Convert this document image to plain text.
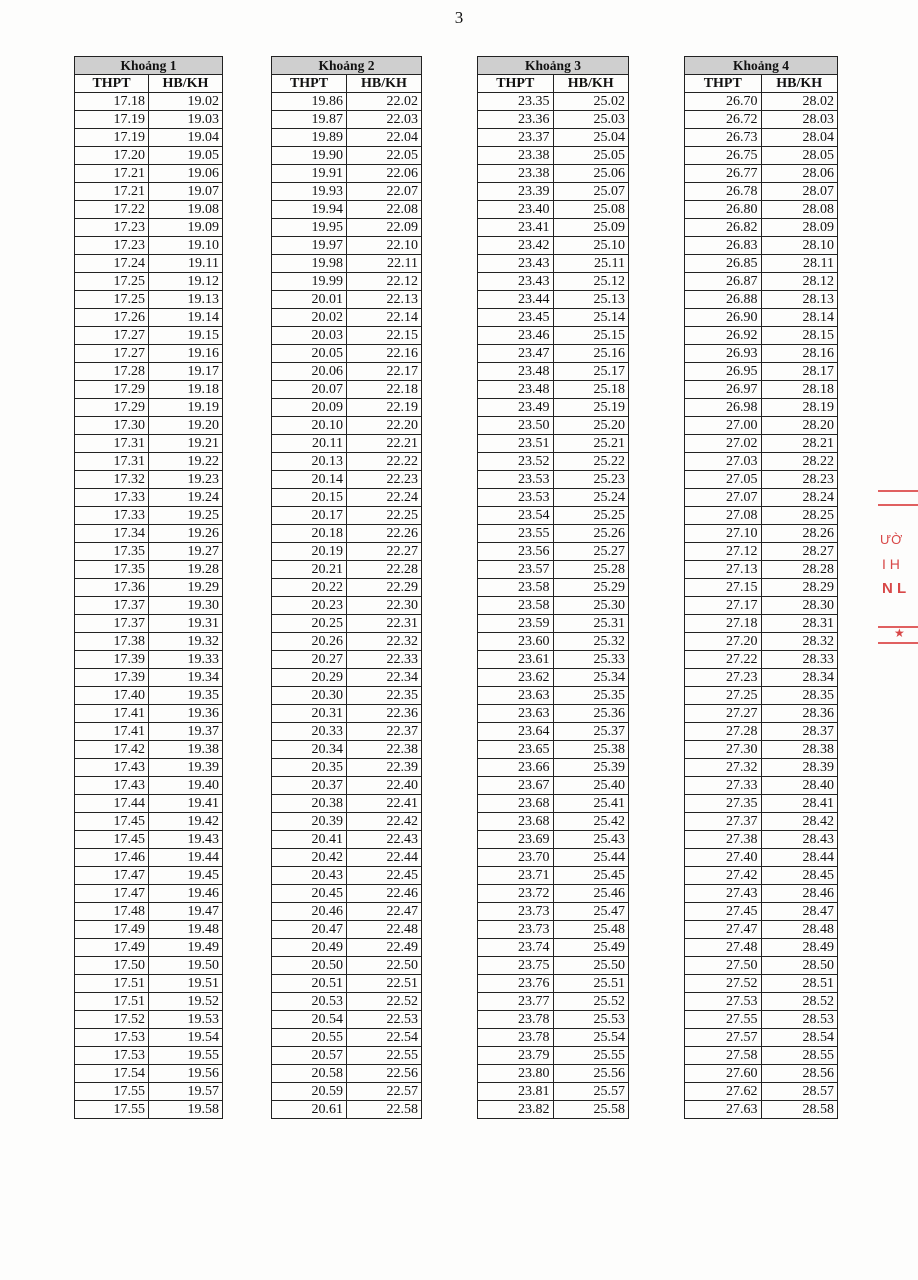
3
Khoảng 1	
THPT	HB/KH
17.18	19.02
17.19	19.03
17.19	19.04
17.20	19.05
17.21	19.06
17.21	19.07
17.22	19.08
17.23	19.09
17.23	19.10
17.24	19.11
17.25	19.12
17.25	19.13
17.26	19.14
17.27	19.15
17.27	19.16
17.28	19.17
17.29	19.18
17.29	19.19
17.30	19.20
17.31	19.21
17.31	19.22
17.32	19.23
17.33	19.24
17.33	19.25
17.34	19.26
17.35	19.27
17.35	19.28
17.36	19.29
17.37	19.30
17.37	19.31
17.38	19.32
17.39	19.33
17.39	19.34
17.40	19.35
17.41	19.36
17.41	19.37
17.42	19.38
17.43	19.39
17.43	19.40
17.44	19.41
17.45	19.42
17.45	19.43
17.46	19.44
17.47	19.45
17.47	19.46
17.48	19.47
17.49	19.48
17.49	19.49
17.50	19.50
17.51	19.51
17.51	19.52
17.52	19.53
17.53	19.54
17.53	19.55
17.54	19.56
17.55	19.57
17.55	19.58
Khoảng 2	
THPT	HB/KH
19.86	22.02
19.87	22.03
19.89	22.04
19.90	22.05
19.91	22.06
19.93	22.07
19.94	22.08
19.95	22.09
19.97	22.10
19.98	22.11
19.99	22.12
20.01	22.13
20.02	22.14
20.03	22.15
20.05	22.16
20.06	22.17
20.07	22.18
20.09	22.19
20.10	22.20
20.11	22.21
20.13	22.22
20.14	22.23
20.15	22.24
20.17	22.25
20.18	22.26
20.19	22.27
20.21	22.28
20.22	22.29
20.23	22.30
20.25	22.31
20.26	22.32
20.27	22.33
20.29	22.34
20.30	22.35
20.31	22.36
20.33	22.37
20.34	22.38
20.35	22.39
20.37	22.40
20.38	22.41
20.39	22.42
20.41	22.43
20.42	22.44
20.43	22.45
20.45	22.46
20.46	22.47
20.47	22.48
20.49	22.49
20.50	22.50
20.51	22.51
20.53	22.52
20.54	22.53
20.55	22.54
20.57	22.55
20.58	22.56
20.59	22.57
20.61	22.58
Khoảng 3	
THPT	HB/KH
23.35	25.02
23.36	25.03
23.37	25.04
23.38	25.05
23.38	25.06
23.39	25.07
23.40	25.08
23.41	25.09
23.42	25.10
23.43	25.11
23.43	25.12
23.44	25.13
23.45	25.14
23.46	25.15
23.47	25.16
23.48	25.17
23.48	25.18
23.49	25.19
23.50	25.20
23.51	25.21
23.52	25.22
23.53	25.23
23.53	25.24
23.54	25.25
23.55	25.26
23.56	25.27
23.57	25.28
23.58	25.29
23.58	25.30
23.59	25.31
23.60	25.32
23.61	25.33
23.62	25.34
23.63	25.35
23.63	25.36
23.64	25.37
23.65	25.38
23.66	25.39
23.67	25.40
23.68	25.41
23.68	25.42
23.69	25.43
23.70	25.44
23.71	25.45
23.72	25.46
23.73	25.47
23.73	25.48
23.74	25.49
23.75	25.50
23.76	25.51
23.77	25.52
23.78	25.53
23.78	25.54
23.79	25.55
23.80	25.56
23.81	25.57
23.82	25.58
Khoảng 4	
THPT	HB/KH
26.70	28.02
26.72	28.03
26.73	28.04
26.75	28.05
26.77	28.06
26.78	28.07
26.80	28.08
26.82	28.09
26.83	28.10
26.85	28.11
26.87	28.12
26.88	28.13
26.90	28.14
26.92	28.15
26.93	28.16
26.95	28.17
26.97	28.18
26.98	28.19
27.00	28.20
27.02	28.21
27.03	28.22
27.05	28.23
27.07	28.24
27.08	28.25
27.10	28.26
27.12	28.27
27.13	28.28
27.15	28.29
27.17	28.30
27.18	28.31
27.20	28.32
27.22	28.33
27.23	28.34
27.25	28.35
27.27	28.36
27.28	28.37
27.30	28.38
27.32	28.39
27.33	28.40
27.35	28.41
27.37	28.42
27.38	28.43
27.40	28.44
27.42	28.45
27.43	28.46
27.45	28.47
27.47	28.48
27.48	28.49
27.50	28.50
27.52	28.51
27.53	28.52
27.55	28.53
27.57	28.54
27.58	28.55
27.60	28.56
27.62	28.57
27.63	28.58
ƯỜ
I H
N L
★
